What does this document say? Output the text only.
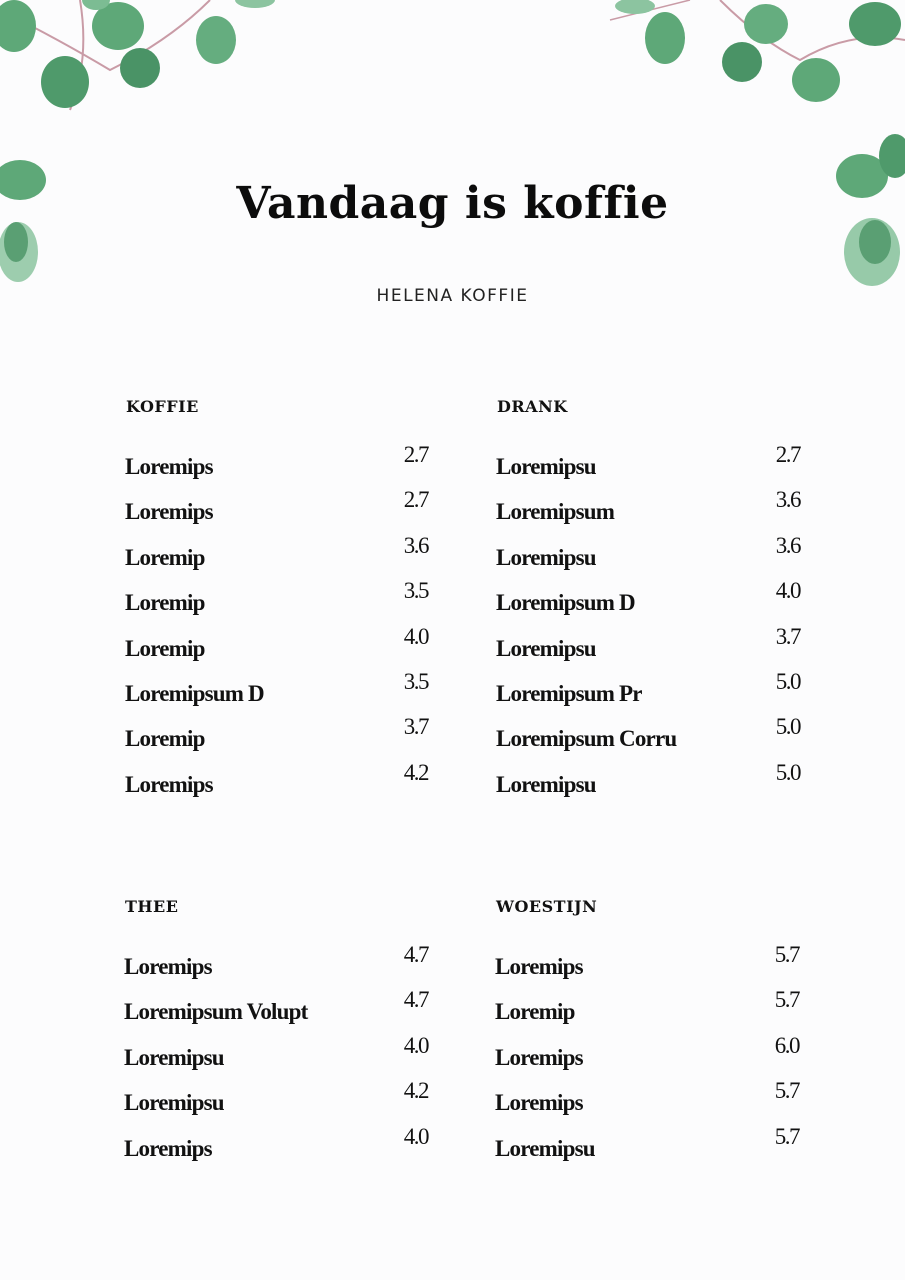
Vandaag is koffie
HELENA KOFFIE
KOFFIE
Loremips	2.7
Loremips	2.7
Loremip	3.6
Loremip	3.5
Loremip	4.0
Loremipsum D	3.5
Loremip	3.7
Loremips	4.2
DRANK
Loremipsu	2.7
Loremipsum	3.6
Loremipsu	3.6
Loremipsum D	4.0
Loremipsu	3.7
Loremipsum Pr	5.0
Loremipsum Corru	5.0
Loremipsu	5.0
THEE
Loremips	4.7
Loremipsum Volupt	4.7
Loremipsu	4.0
Loremipsu	4.2
Loremips	4.0
WOESTIJN
Loremips	5.7
Loremip	5.7
Loremips	6.0
Loremips	5.7
Loremipsu	5.7
